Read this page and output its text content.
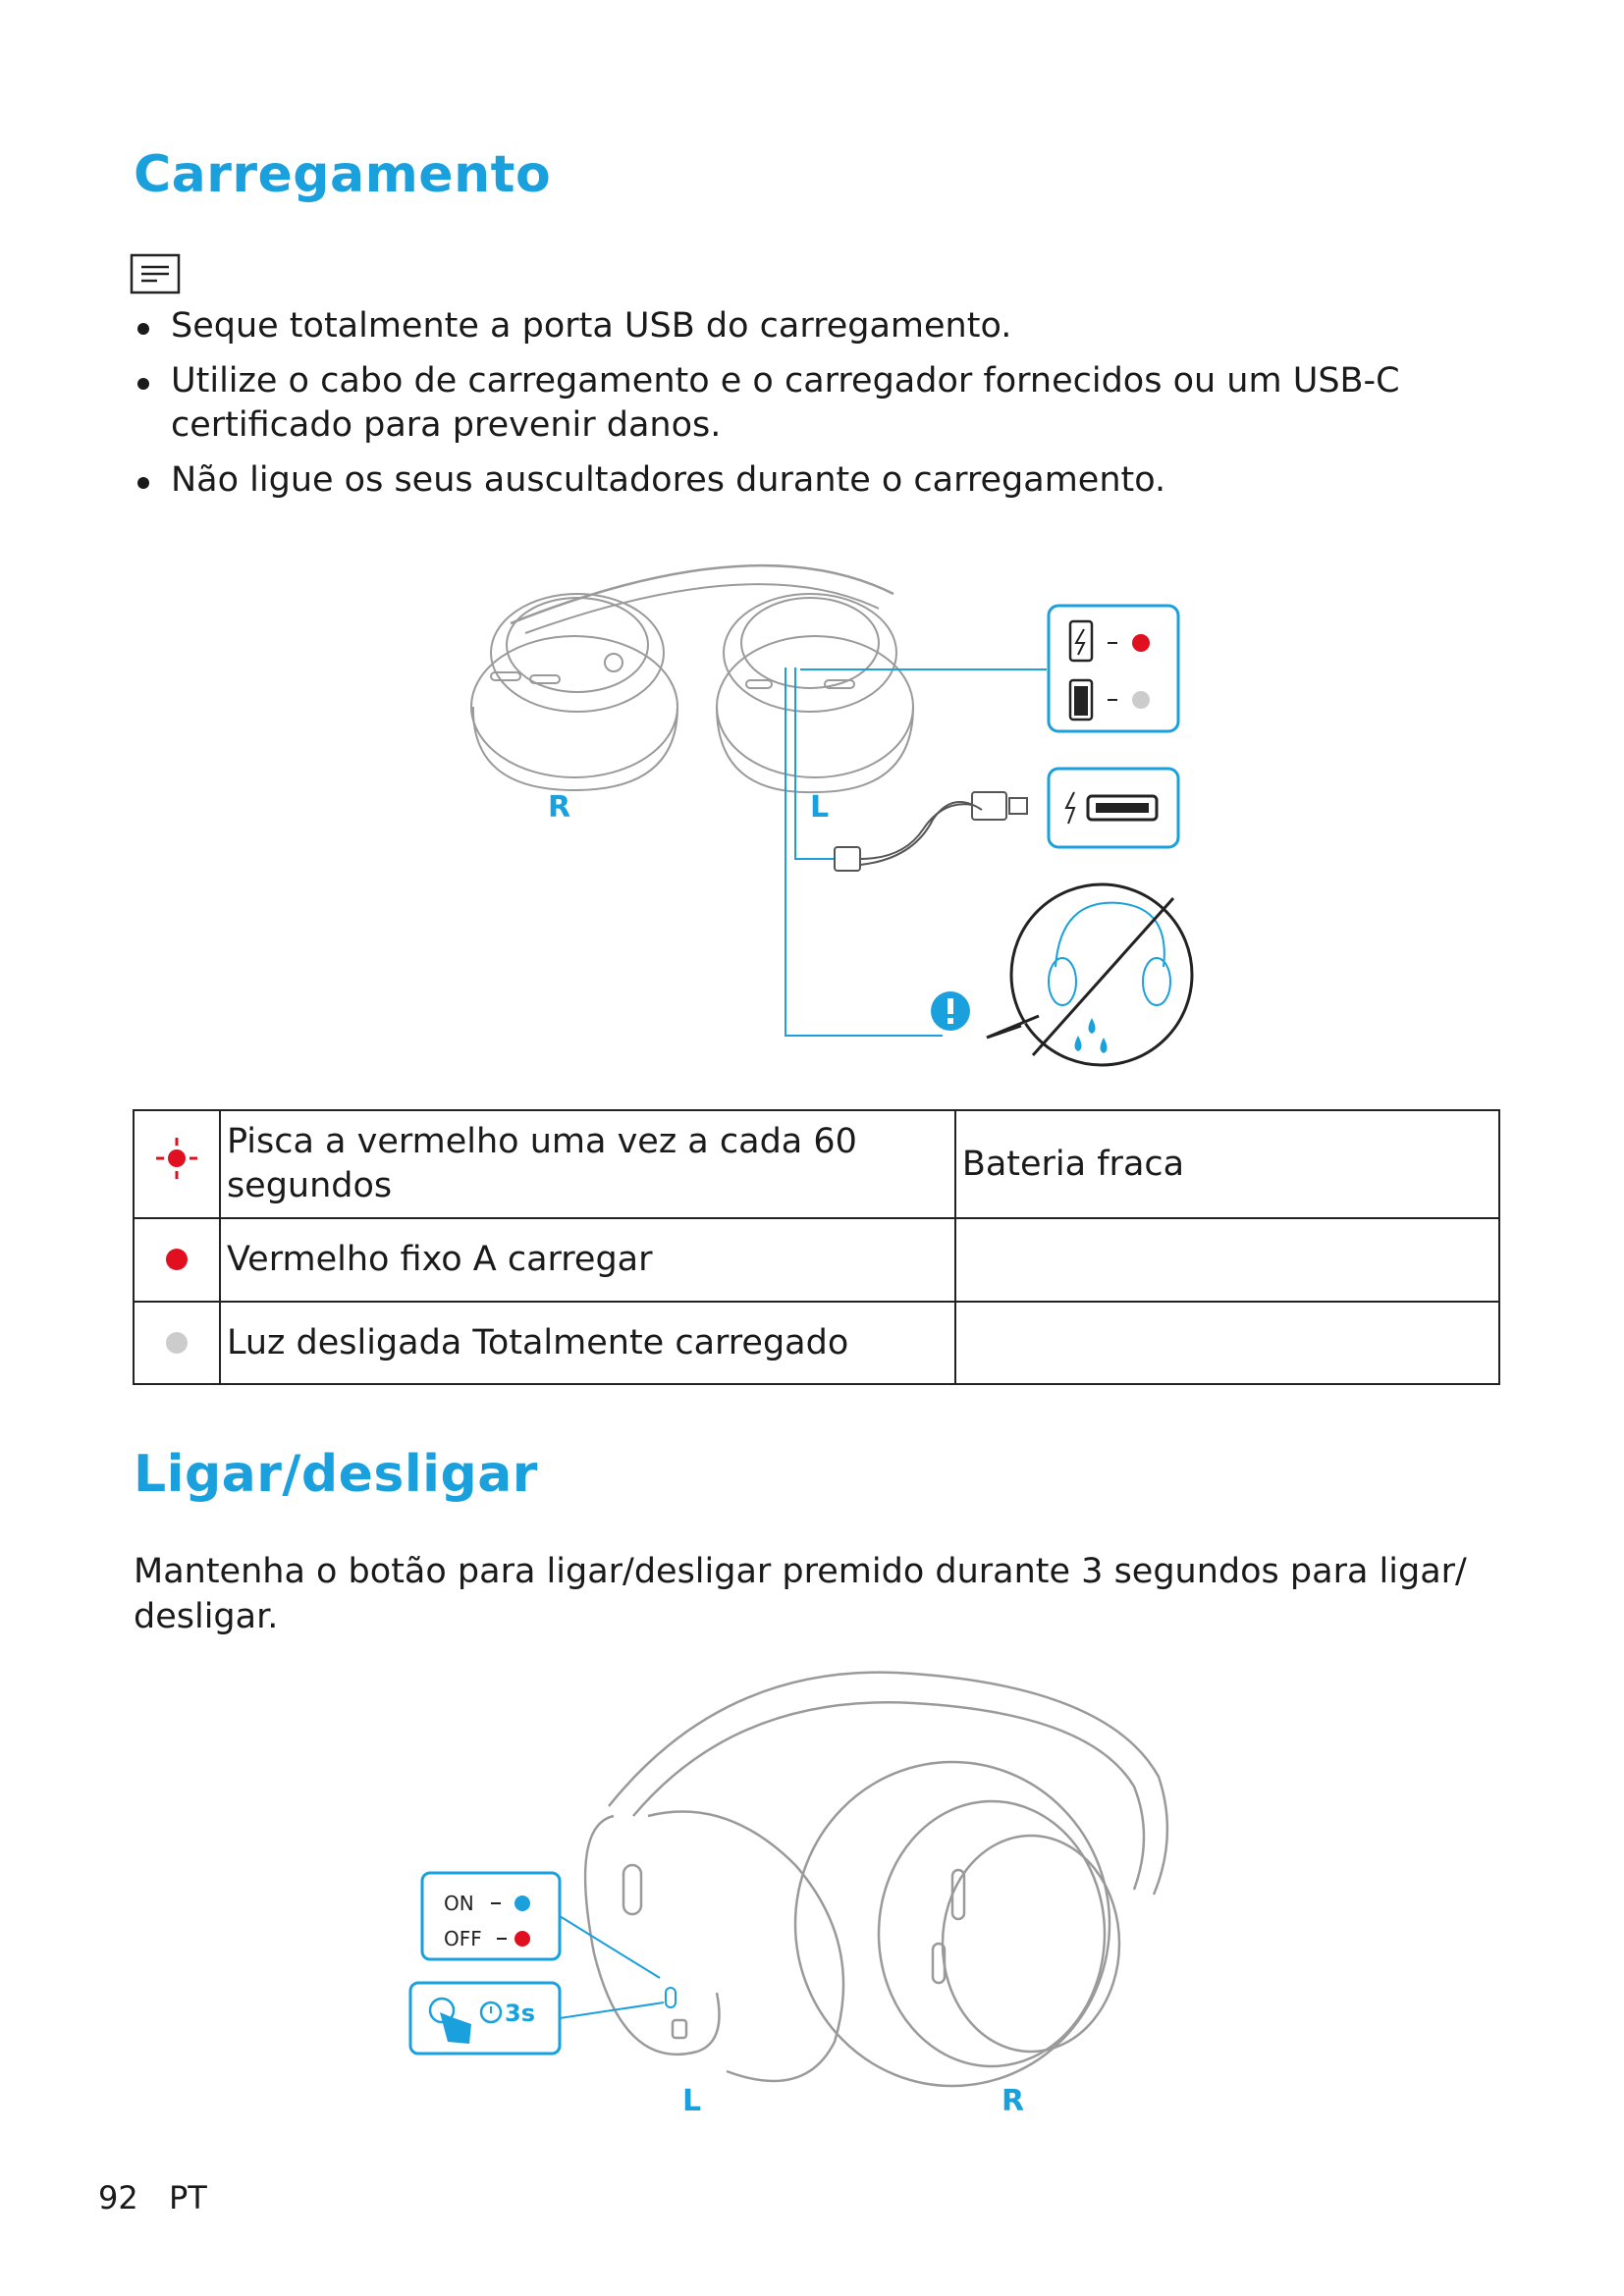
Carregamento
Seque totalmente a porta USB do carregamento.
Utilize o cabo de carregamento e o carregador fornecidos ou um USB-C certificado para prevenir danos.
Não ligue os seus auscultadores durante o carregamento.
R	L
	Pisca a vermelho uma vez a cada 60 segundos	Bateria fraca
	Vermelho fixo A carregar	
	Luz desligada Totalmente carregado	
Ligar/desligar
Mantenha o botão para ligar/desligar premido durante 3 segundos para ligar/ desligar.
ON
OFF
3s
L	R
92 PT
